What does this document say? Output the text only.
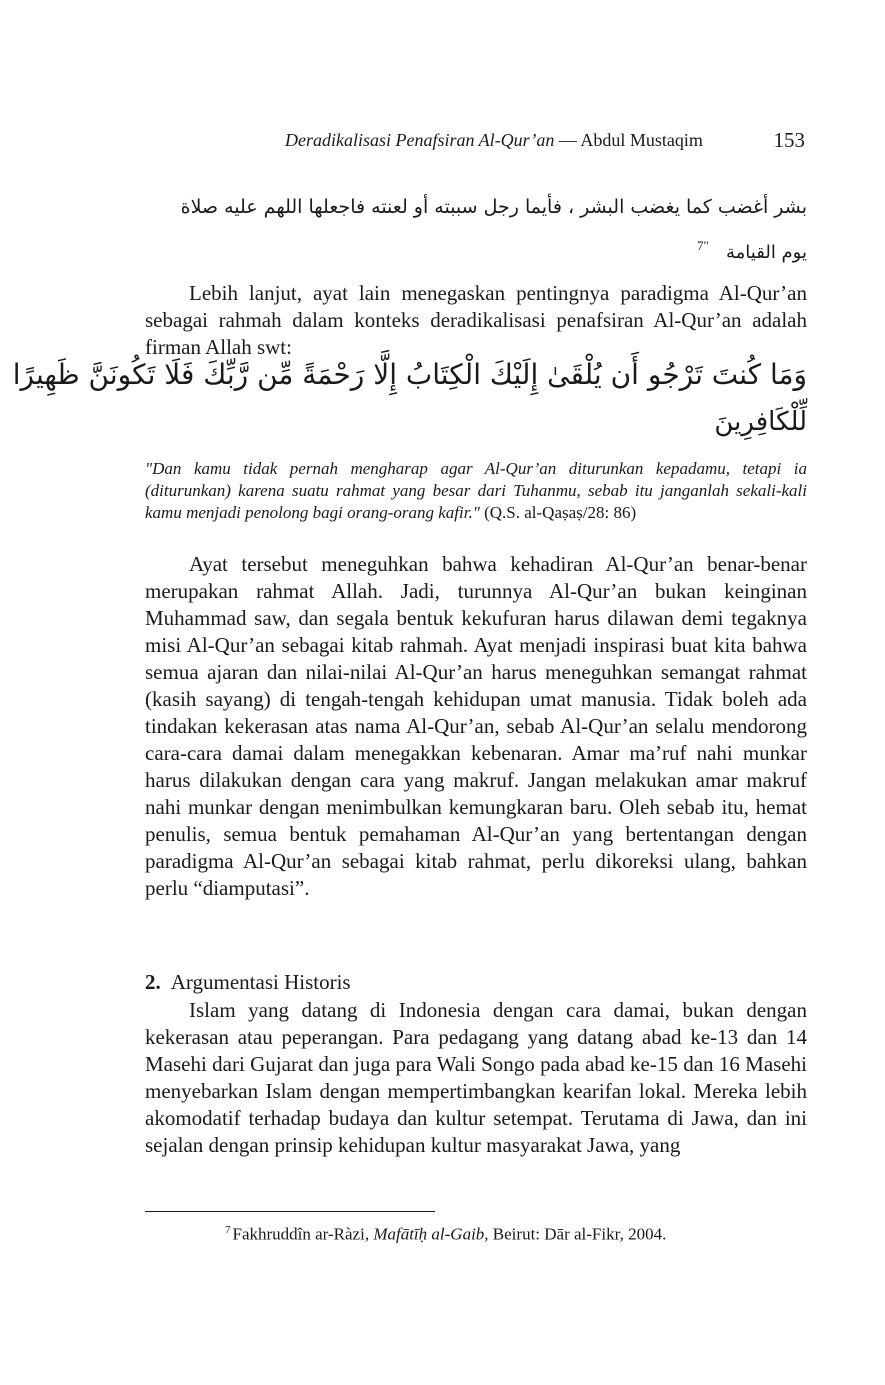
Deradikalisasi Penafsiran Al-Qur’an — Abdul Mustaqim	153
بشر أغضب كما يغضب البشر ، فأيما رجل سببته أو لعنته فاجعلها اللهم عليه صلاة
7" يوم القيامة

Lebih lanjut, ayat lain menegaskan pentingnya paradigma Al-Qur’an sebagai rahmah dalam konteks deradikalisasi penafsiran Al-Qur’an adalah firman Allah swt:

وَمَا كُنتَ تَرْجُو أَن يُلْقَىٰ إِلَيْكَ الْكِتَابُ إِلَّا رَحْمَةً مِّن رَّبِّكَ فَلَا تَكُونَنَّ ظَهِيرًا
لِّلْكَافِرِينَ

"Dan kamu tidak pernah mengharap agar Al-Qur’an diturunkan kepadamu, tetapi ia (diturunkan) karena suatu rahmat yang besar dari Tuhanmu, sebab itu janganlah sekali-kali kamu menjadi penolong bagi orang-orang kafir." (Q.S. al-Qaṣaṣ/28: 86)

Ayat tersebut meneguhkan bahwa kehadiran Al-Qur’an benar-benar merupakan rahmat Allah. Jadi, turunnya Al-Qur’an bukan keinginan Muhammad saw, dan segala bentuk kekufuran harus dilawan demi tegaknya misi Al-Qur’an sebagai kitab rahmah. Ayat menjadi inspirasi buat kita bahwa semua ajaran dan nilai-nilai Al-Qur’an harus meneguhkan semangat rahmat (kasih sayang) di tengah-tengah kehidupan umat manusia. Tidak boleh ada tindakan kekerasan atas nama Al-Qur’an, sebab Al-Qur’an selalu mendorong cara-cara damai dalam menegakkan kebenaran. Amar ma’ruf nahi munkar harus dilakukan dengan cara yang makruf. Jangan melakukan amar makruf nahi munkar dengan menimbulkan kemungkaran baru. Oleh sebab itu, hemat penulis, semua bentuk pemahaman Al-Qur’an yang bertentangan dengan paradigma Al-Qur’an sebagai kitab rahmat, perlu dikoreksi ulang, bahkan perlu “diamputasi”.

2. Argumentasi Historis

Islam yang datang di Indonesia dengan cara damai, bukan dengan kekerasan atau peperangan. Para pedagang yang datang abad ke-13 dan 14 Masehi dari Gujarat dan juga para Wali Songo pada abad ke-15 dan 16 Masehi menyebarkan Islam dengan mempertimbangkan kearifan lokal. Mereka lebih akomodatif terhadap budaya dan kultur setempat. Terutama di Jawa, dan ini sejalan dengan prinsip kehidupan kultur masyarakat Jawa, yang

$^7$ Fakhruddîn ar-Ràzi, Mafātīḥ al-Gaib, Beirut: Dār al-Fikr, 2004.
